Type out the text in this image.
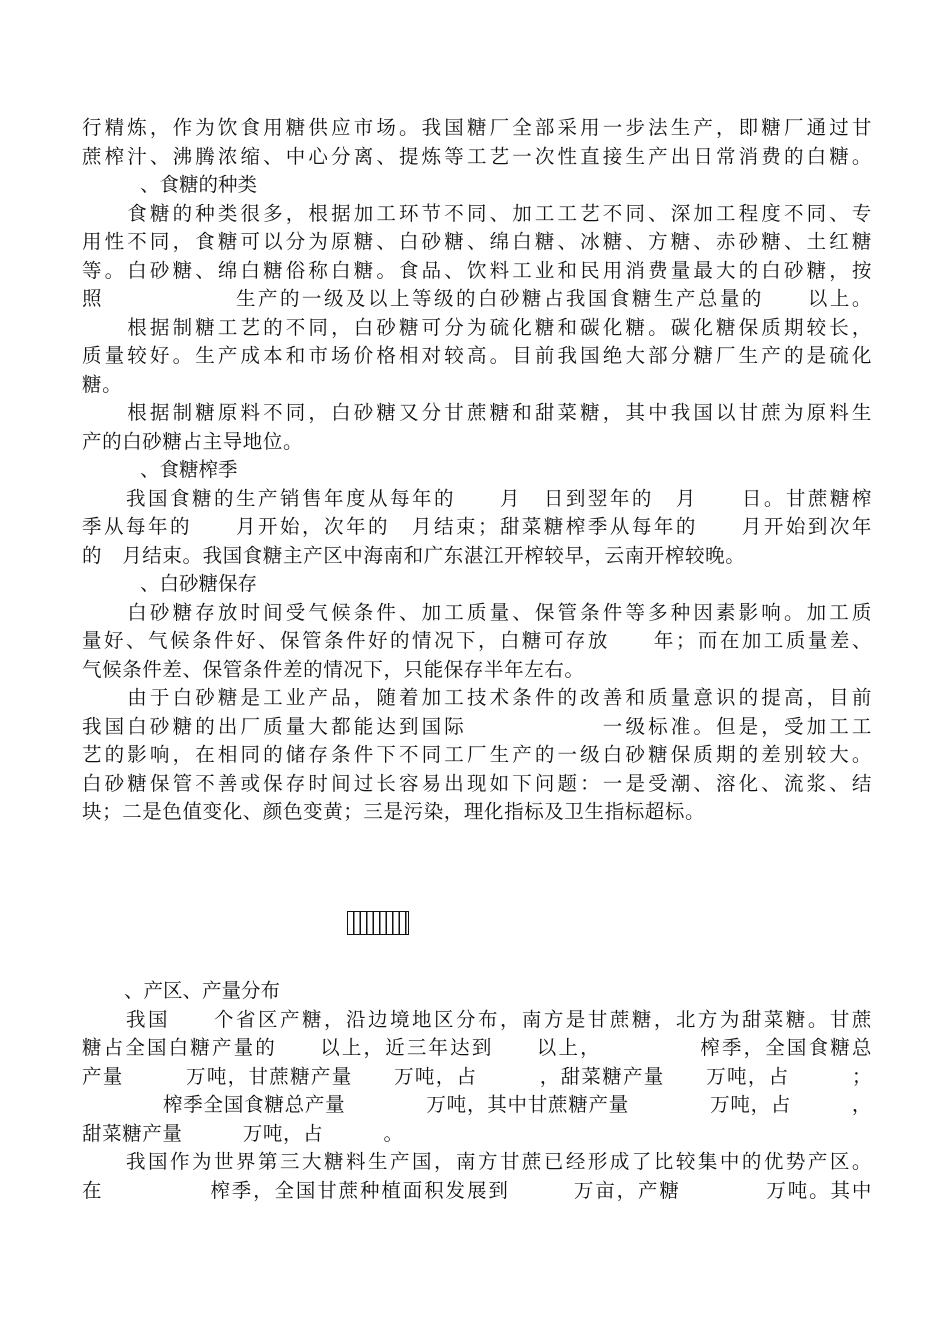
行精炼，作为饮食用糖供应市场。我国糖厂全部采用一步法生产，即糖厂通过甘
蔗榨汁、沸腾浓缩、中心分离、提炼等工艺一次性直接生产出日常消费的白糖。
、食糖的种类
　　食糖的种类很多，根据加工环节不同、加工工艺不同、深加工程度不同、专
用性不同，食糖可以分为原糖、白砂糖、绵白糖、冰糖、方糖、赤砂糖、土红糖
等。白砂糖、绵白糖俗称白糖。食品、饮料工业和民用消费量最大的白砂糖，按
照　　　　　　生产的一级及以上等级的白砂糖占我国食糖生产总量的　　以上。
　　根据制糖工艺的不同，白砂糖可分为硫化糖和碳化糖。碳化糖保质期较长，
质量较好。生产成本和市场价格相对较高。目前我国绝大部分糖厂生产的是硫化
糖。
　　根据制糖原料不同，白砂糖又分甘蔗糖和甜菜糖，其中我国以甘蔗为原料生
产的白砂糖占主导地位。
、食糖榨季
　　我国食糖的生产销售年度从每年的　　月　日到翌年的　月　　日。甘蔗糖榨
季从每年的　　月开始，次年的　月结束；甜菜糖榨季从每年的　　月开始到次年
的　月结束。我国食糖主产区中海南和广东湛江开榨较早，云南开榨较晚。
、白砂糖保存
　　白砂糖存放时间受气候条件、加工质量、保管条件等多种因素影响。加工质
量好、气候条件好、保管条件好的情况下，白糖可存放　　年；而在加工质量差、
气候条件差、保管条件差的情况下，只能保存半年左右。
　　由于白砂糖是工业产品，随着加工技术条件的改善和质量意识的提高，目前
我国白砂糖的出厂质量大都能达到国际　　　　　　一级标准。但是，受加工工
艺的影响，在相同的储存条件下不同工厂生产的一级白砂糖保质期的差别较大。
白砂糖保管不善或保存时间过长容易出现如下问题：一是受潮、溶化、流浆、结
块；二是色值变化、颜色变黄；三是污染，理化指标及卫生指标超标。
、产区、产量分布
　　我国　　个省区产糖，沿边境地区分布，南方是甘蔗糖，北方为甜菜糖。甘蔗
糖占全国白糖产量的　　以上，近三年达到　　以上，　　　　　榨季，全国食糖总
产量　　　万吨，甘蔗糖产量　　万吨，占　　　，甜菜糖产量　　万吨，占　　　；
　　　　榨季全国食糖总产量　　　　万吨，其中甘蔗糖产量　　　　万吨，占　　　，
甜菜糖产量　　　万吨，占　　　。
　　我国作为世界第三大糖料生产国，南方甘蔗已经形成了比较集中的优势产区。
在　　　　　榨季，全国甘蔗种植面积发展到　　　万亩，产糖　　　　万吨。其中
